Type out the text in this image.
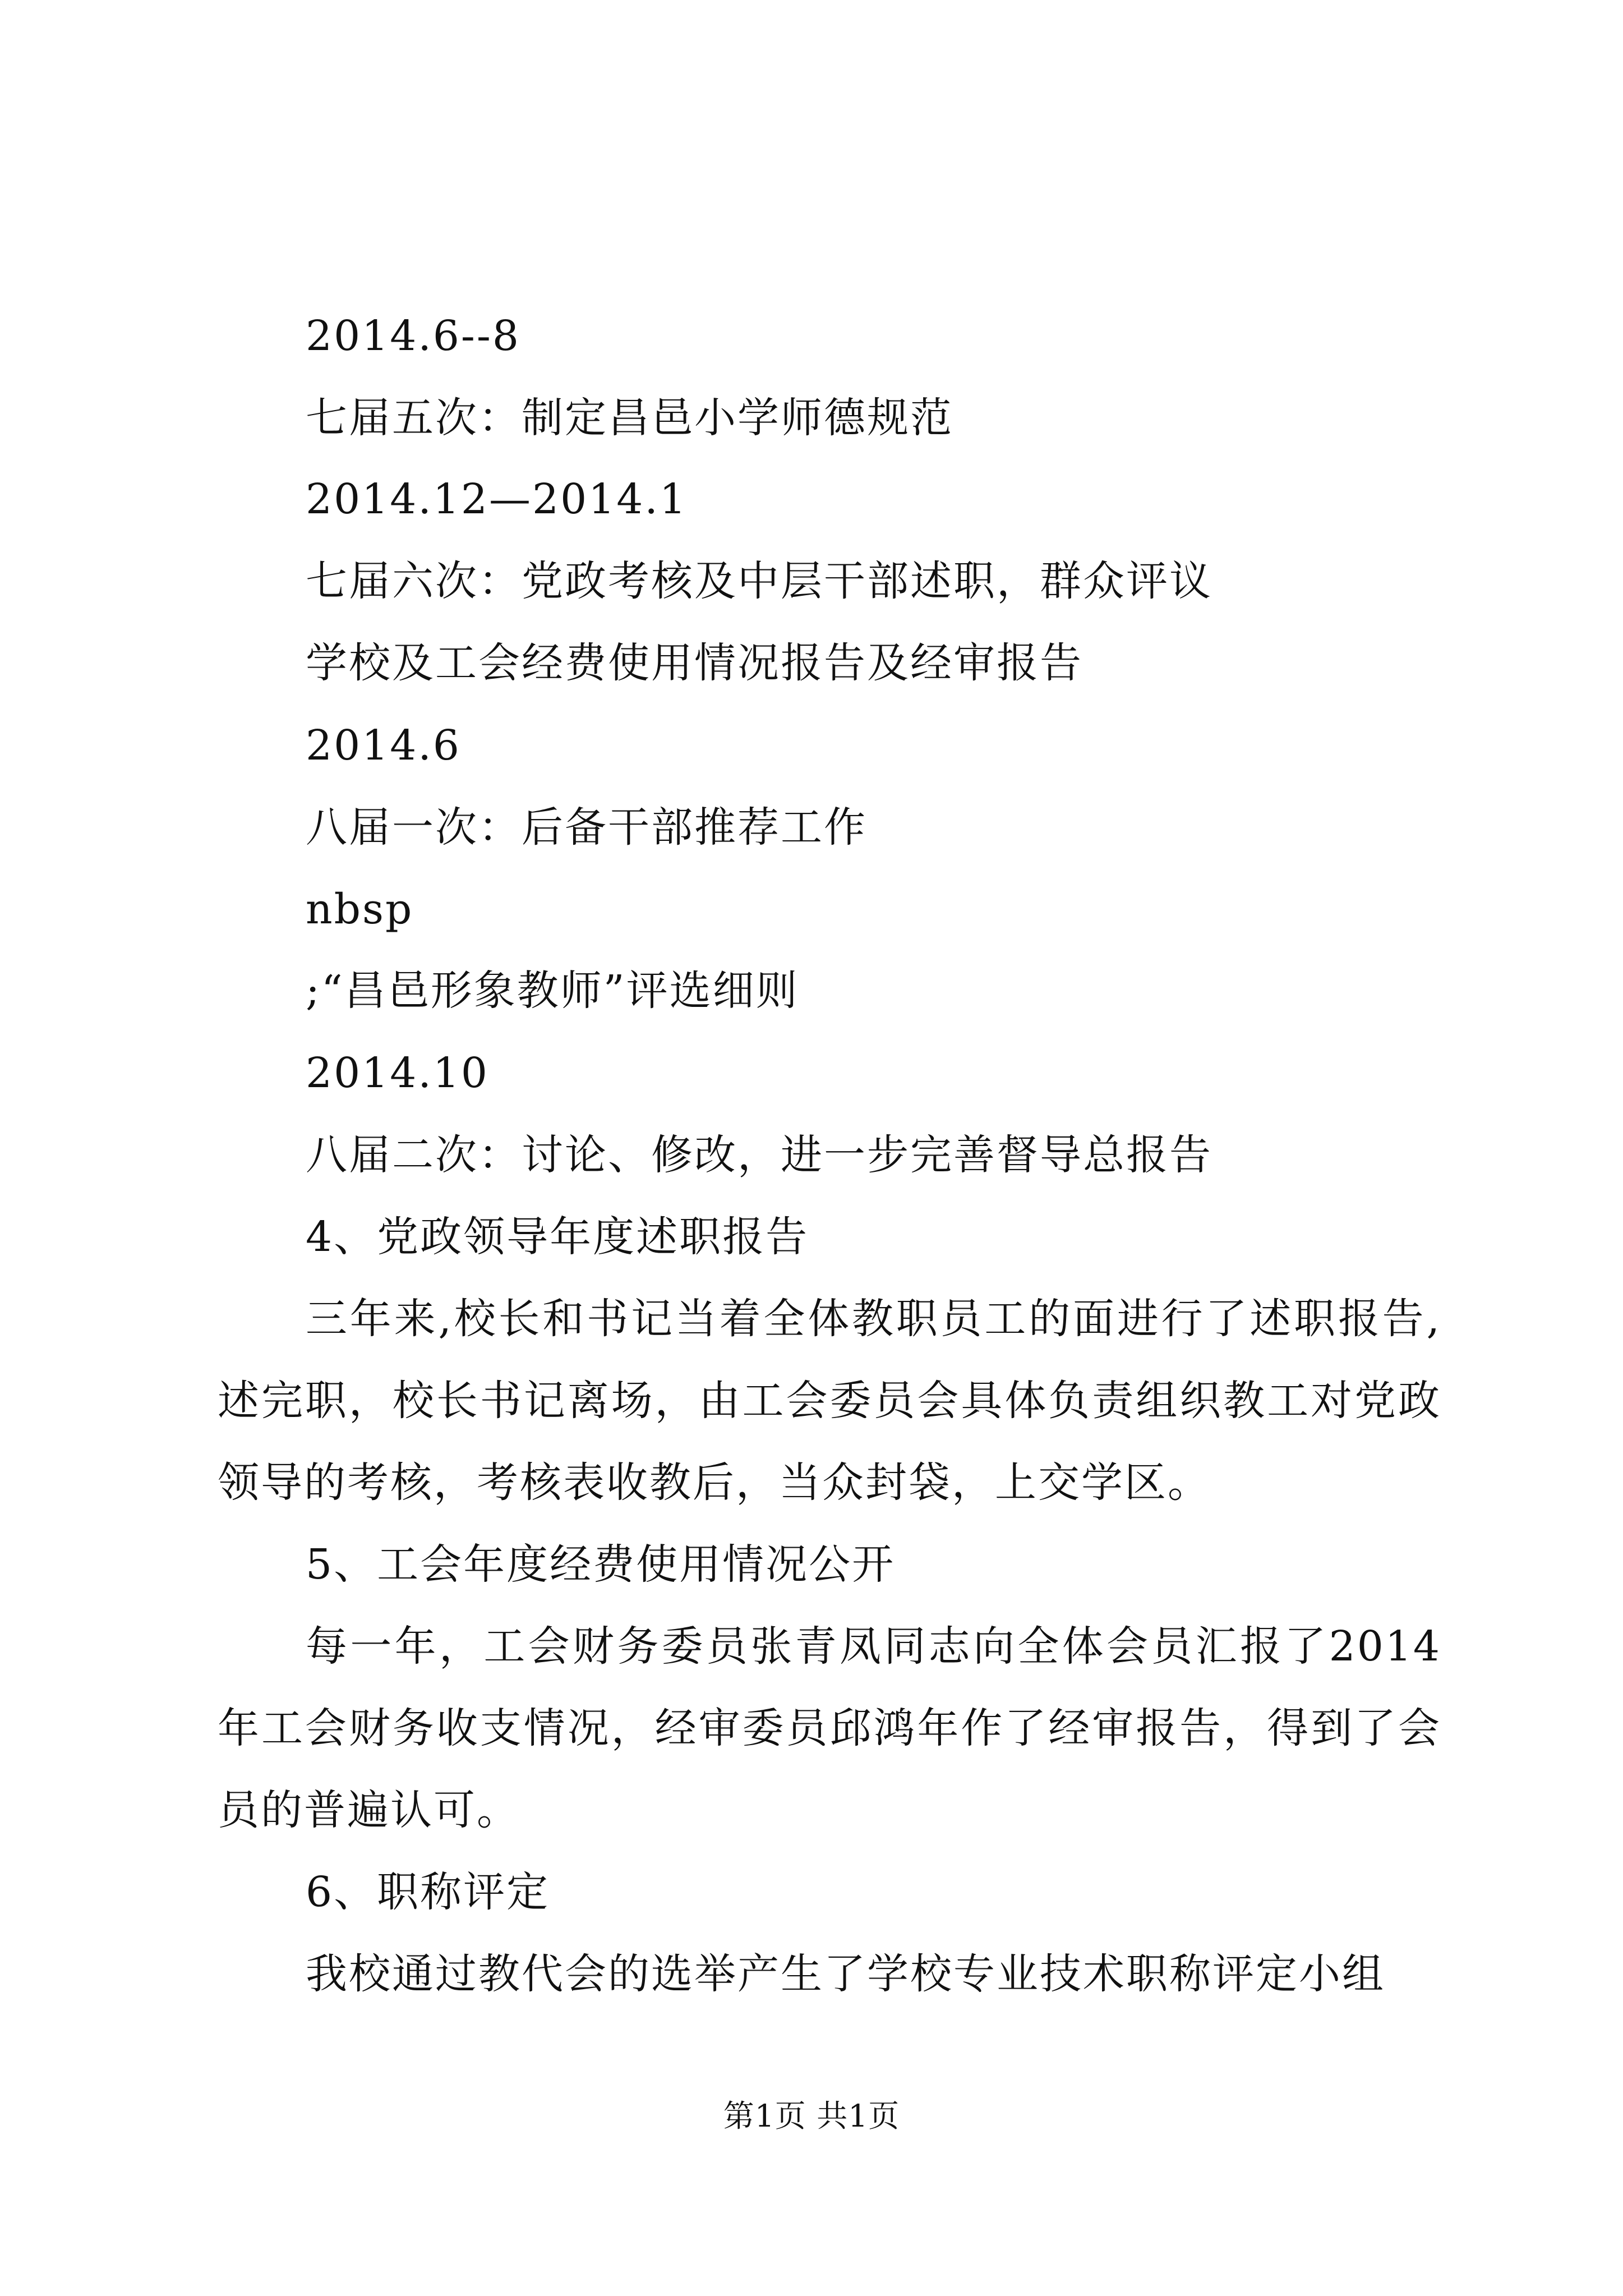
2014.6--8
七届五次：制定昌邑小学师德规范
2014.12—2014.1
七届六次：党政考核及中层干部述职，群众评议
学校及工会经费使用情况报告及经审报告
2014.6
八届一次：后备干部推荐工作
nbsp
;“昌邑形象教师”评选细则
2014.10
八届二次：讨论、修改，进一步完善督导总报告
4、党政领导年度述职报告
三年来,校长和书记当着全体教职员工的面进行了述职报告,
述完职，校长书记离场，由工会委员会具体负责组织教工对党政
领导的考核，考核表收教后，当众封袋，上交学区。
5、工会年度经费使用情况公开
每一年，工会财务委员张青凤同志向全体会员汇报了2014
年工会财务收支情况，经审委员邱鸿年作了经审报告，得到了会
员的普遍认可。
6、职称评定
我校通过教代会的选举产生了学校专业技术职称评定小组
第1页 共1页
